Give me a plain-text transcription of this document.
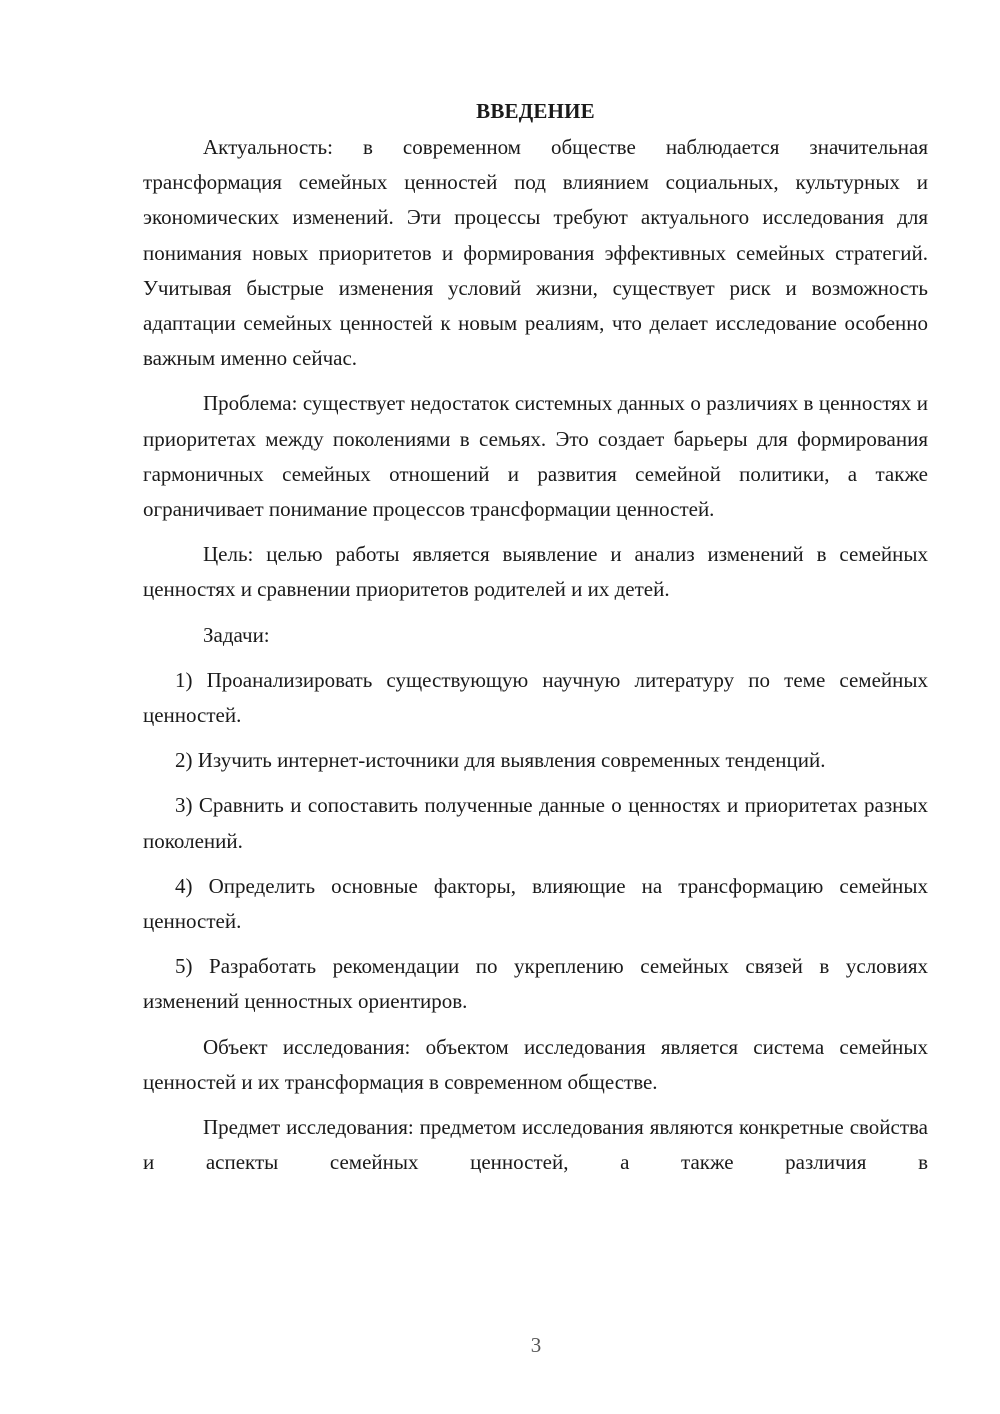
ВВЕДЕНИЕ

Актуальность: в современном обществе наблюдается значительная трансформация семейных ценностей под влиянием социальных, культурных и экономических изменений. Эти процессы требуют актуального исследования для понимания новых приоритетов и формирования эффективных семейных стратегий. Учитывая быстрые изменения условий жизни, существует риск и возможность адаптации семейных ценностей к новым реалиям, что делает исследование особенно важным именно сейчас.

Проблема: существует недостаток системных данных о различиях в ценностях и приоритетах между поколениями в семьях. Это создает барьеры для формирования гармоничных семейных отношений и развития семейной политики, а также ограничивает понимание процессов трансформации ценностей.

Цель: целью работы является выявление и анализ изменений в семейных ценностях и сравнении приоритетов родителей и их детей.

Задачи:

1) Проанализировать существующую научную литературу по теме семейных ценностей.

2) Изучить интернет-источники для выявления современных тенденций.

3) Сравнить и сопоставить полученные данные о ценностях и приоритетах разных поколений.

4) Определить основные факторы, влияющие на трансформацию семейных ценностей.

5) Разработать рекомендации по укреплению семейных связей в условиях изменений ценностных ориентиров.

Объект исследования: объектом исследования является система семейных ценностей и их трансформация в современном обществе.

Предмет исследования: предметом исследования являются конкретные свойства и аспекты семейных ценностей, а также различия в

3
